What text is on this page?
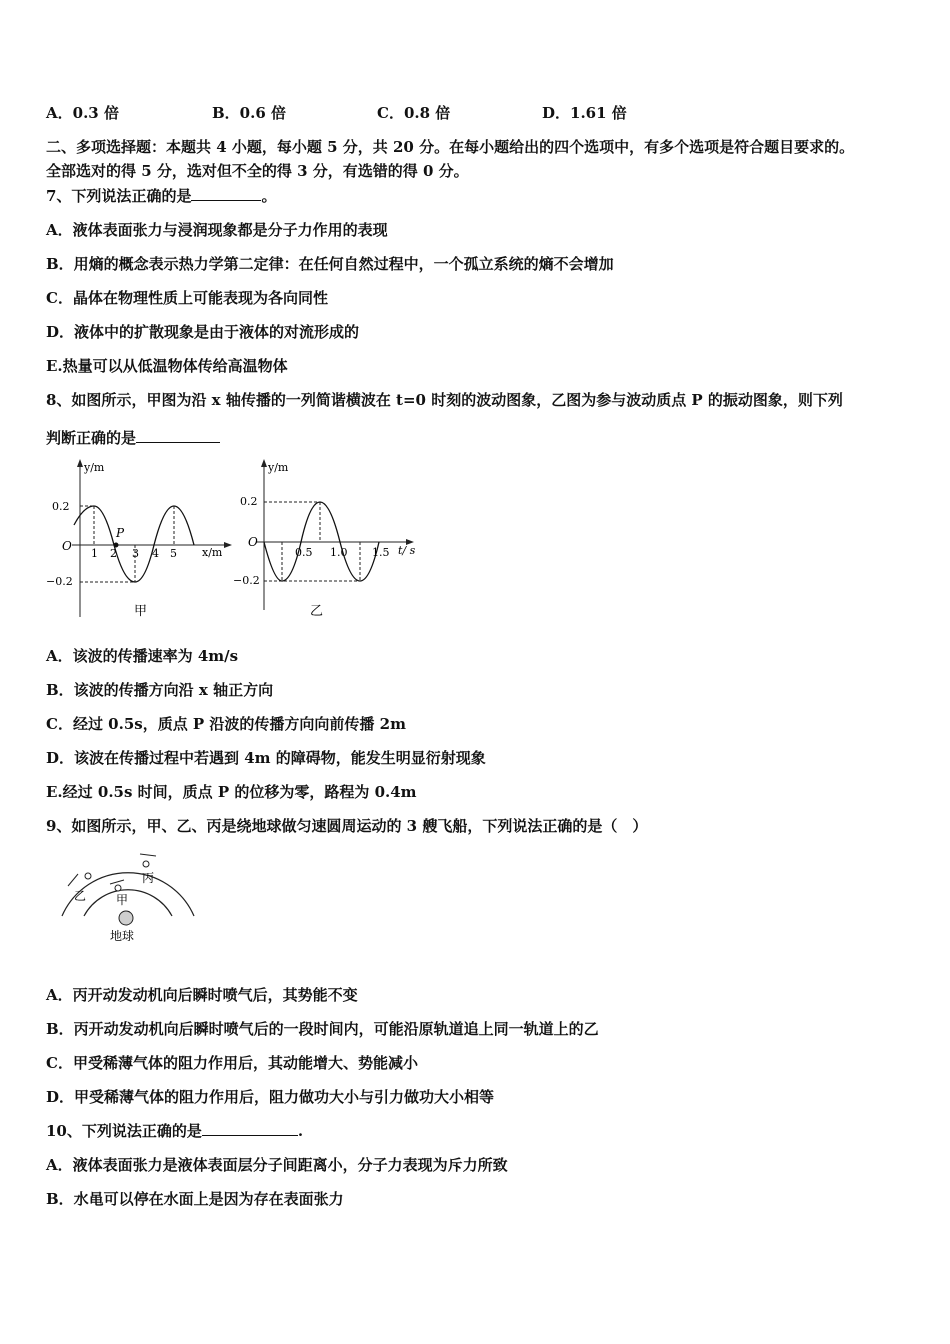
A．0.3 倍	B．0.6 倍	C．0.8 倍	D．1.61 倍
二、多项选择题：本题共 4 小题，每小题 5 分，共 20 分。在每小题给出的四个选项中，有多个选项是符合题目要求的。
全部选对的得 5 分，选对但不全的得 3 分，有选错的得 0 分。
7、下列说法正确的是	。
A．液体表面张力与浸润现象都是分子力作用的表现
B．用熵的概念表示热力学第二定律：在任何自然过程中，一个孤立系统的熵不会增加
C．晶体在物理性质上可能表现为各向同性
D．液体中的扩散现象是由于液体的对流形成的
E.热量可以从低温物体传给高温物体
8、如图所示，甲图为沿 x 轴传播的一列简谐横波在 t=0 时刻的波动图象，乙图为参与波动质点 P 的振动图象，则下列
判断正确的是
y/m
x/m
O
0.2
−0.2
P
1 2 3 4 5
甲
y/m
t/ s
O
0.2
−0.2
0.5 1.0 1.5
乙
A．该波的传播速率为 4m/s
B．该波的传播方向沿 x 轴正方向
C．经过 0.5s，质点 P 沿波的传播方向向前传播 2m
D．该波在传播过程中若遇到 4m 的障碍物，能发生明显衍射现象
E.经过 0.5s 时间，质点 P 的位移为零，路程为 0.4m
9、如图所示，甲、乙、丙是绕地球做匀速圆周运动的 3 艘飞船，下列说法正确的是（　）
地球
甲
乙
丙
A．丙开动发动机向后瞬时喷气后，其势能不变
B．丙开动发动机向后瞬时喷气后的一段时间内，可能沿原轨道追上同一轨道上的乙
C．甲受稀薄气体的阻力作用后，其动能增大、势能减小
D．甲受稀薄气体的阻力作用后，阻力做功大小与引力做功大小相等
10、下列说法正确的是	.
A．液体表面张力是液体表面层分子间距离小，分子力表现为斥力所致
B．水黾可以停在水面上是因为存在表面张力
